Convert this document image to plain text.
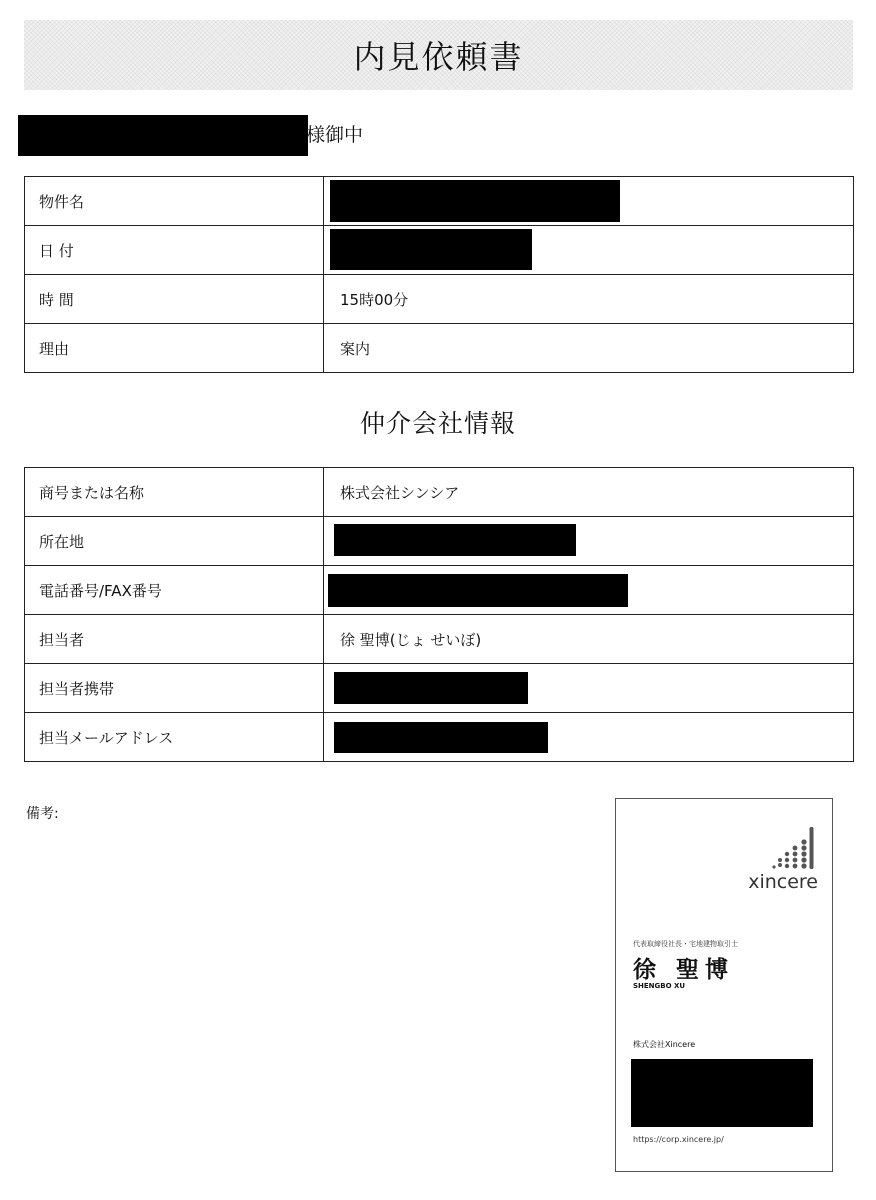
内見依頼書
様御中
物件名	

日 付	

時 間	15時00分
理由	案内
仲介会社情報
商号または名称	株式会社シンシア
所在地	

電話番号/FAX番号	

担当者	徐 聖博(じょ せいぼ)
担当者携帯	

担当メールアドレス	
備考:
xincere
代表取締役社長・宅地建物取引士
徐 聖博
SHENGBO XU
株式会社Xincere
https://corp.xincere.jp/
